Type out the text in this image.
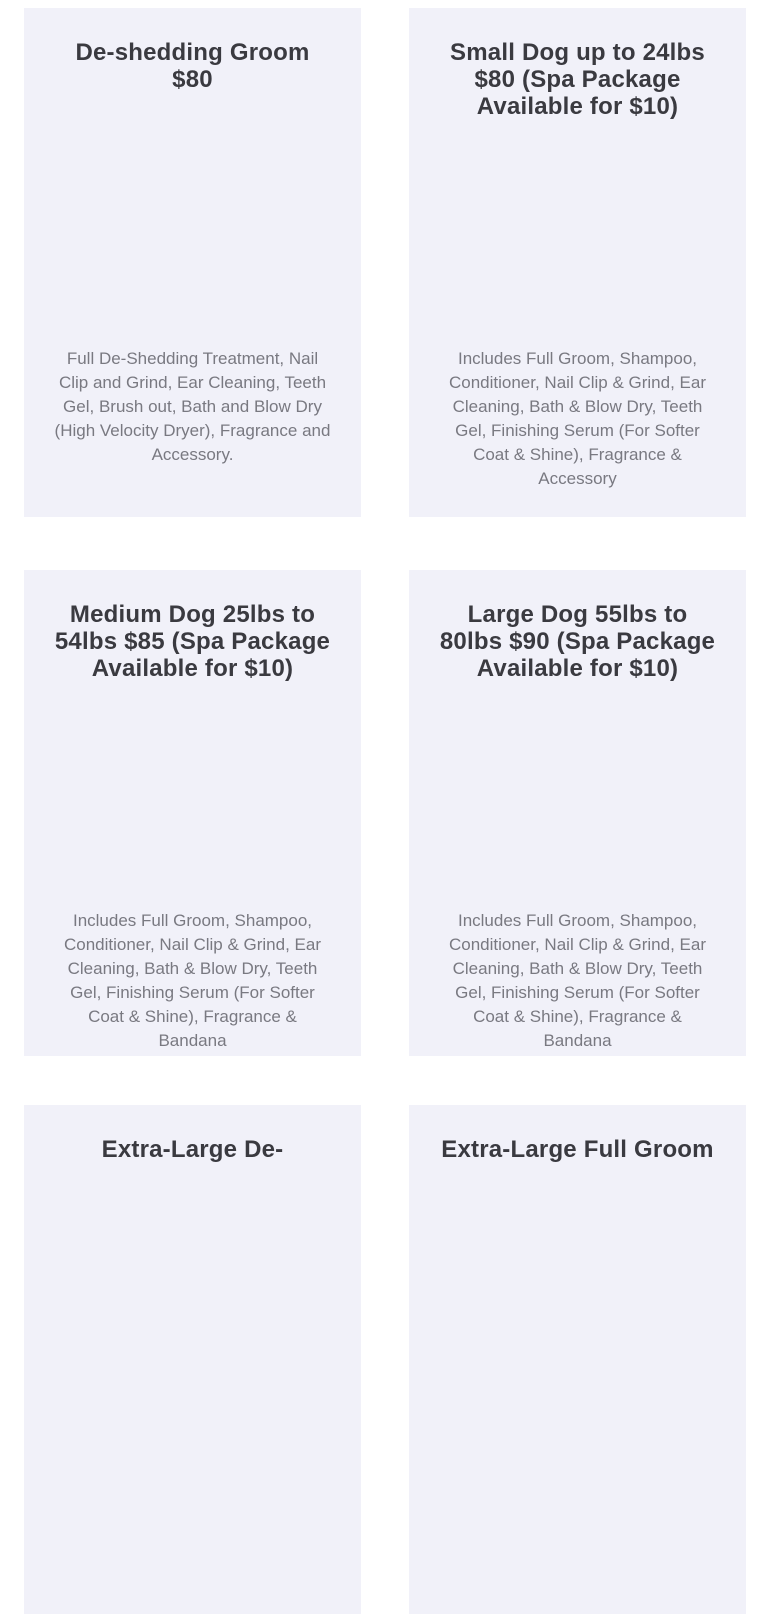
De-shedding Groom $80

Full De-Shedding Treatment, Nail Clip and Grind, Ear Cleaning, Teeth Gel, Brush out, Bath and Blow Dry (High Velocity Dryer), Fragrance and Accessory.

Small Dog up to 24lbs $80 (Spa Package Available for $10)

Includes Full Groom, Shampoo, Conditioner, Nail Clip & Grind, Ear Cleaning, Bath & Blow Dry, Teeth Gel, Finishing Serum (For Softer Coat & Shine), Fragrance & Accessory

Medium Dog 25lbs to 54lbs $85 (Spa Package Available for $10)

Includes Full Groom, Shampoo, Conditioner, Nail Clip & Grind, Ear Cleaning, Bath & Blow Dry, Teeth Gel, Finishing Serum (For Softer Coat & Shine), Fragrance & Bandana

Large Dog 55lbs to 80lbs $90 (Spa Package Available for $10)

Includes Full Groom, Shampoo, Conditioner, Nail Clip & Grind, Ear Cleaning, Bath & Blow Dry, Teeth Gel, Finishing Serum (For Softer Coat & Shine), Fragrance & Bandana

Extra-Large De-	Extra-Large Full Groom
